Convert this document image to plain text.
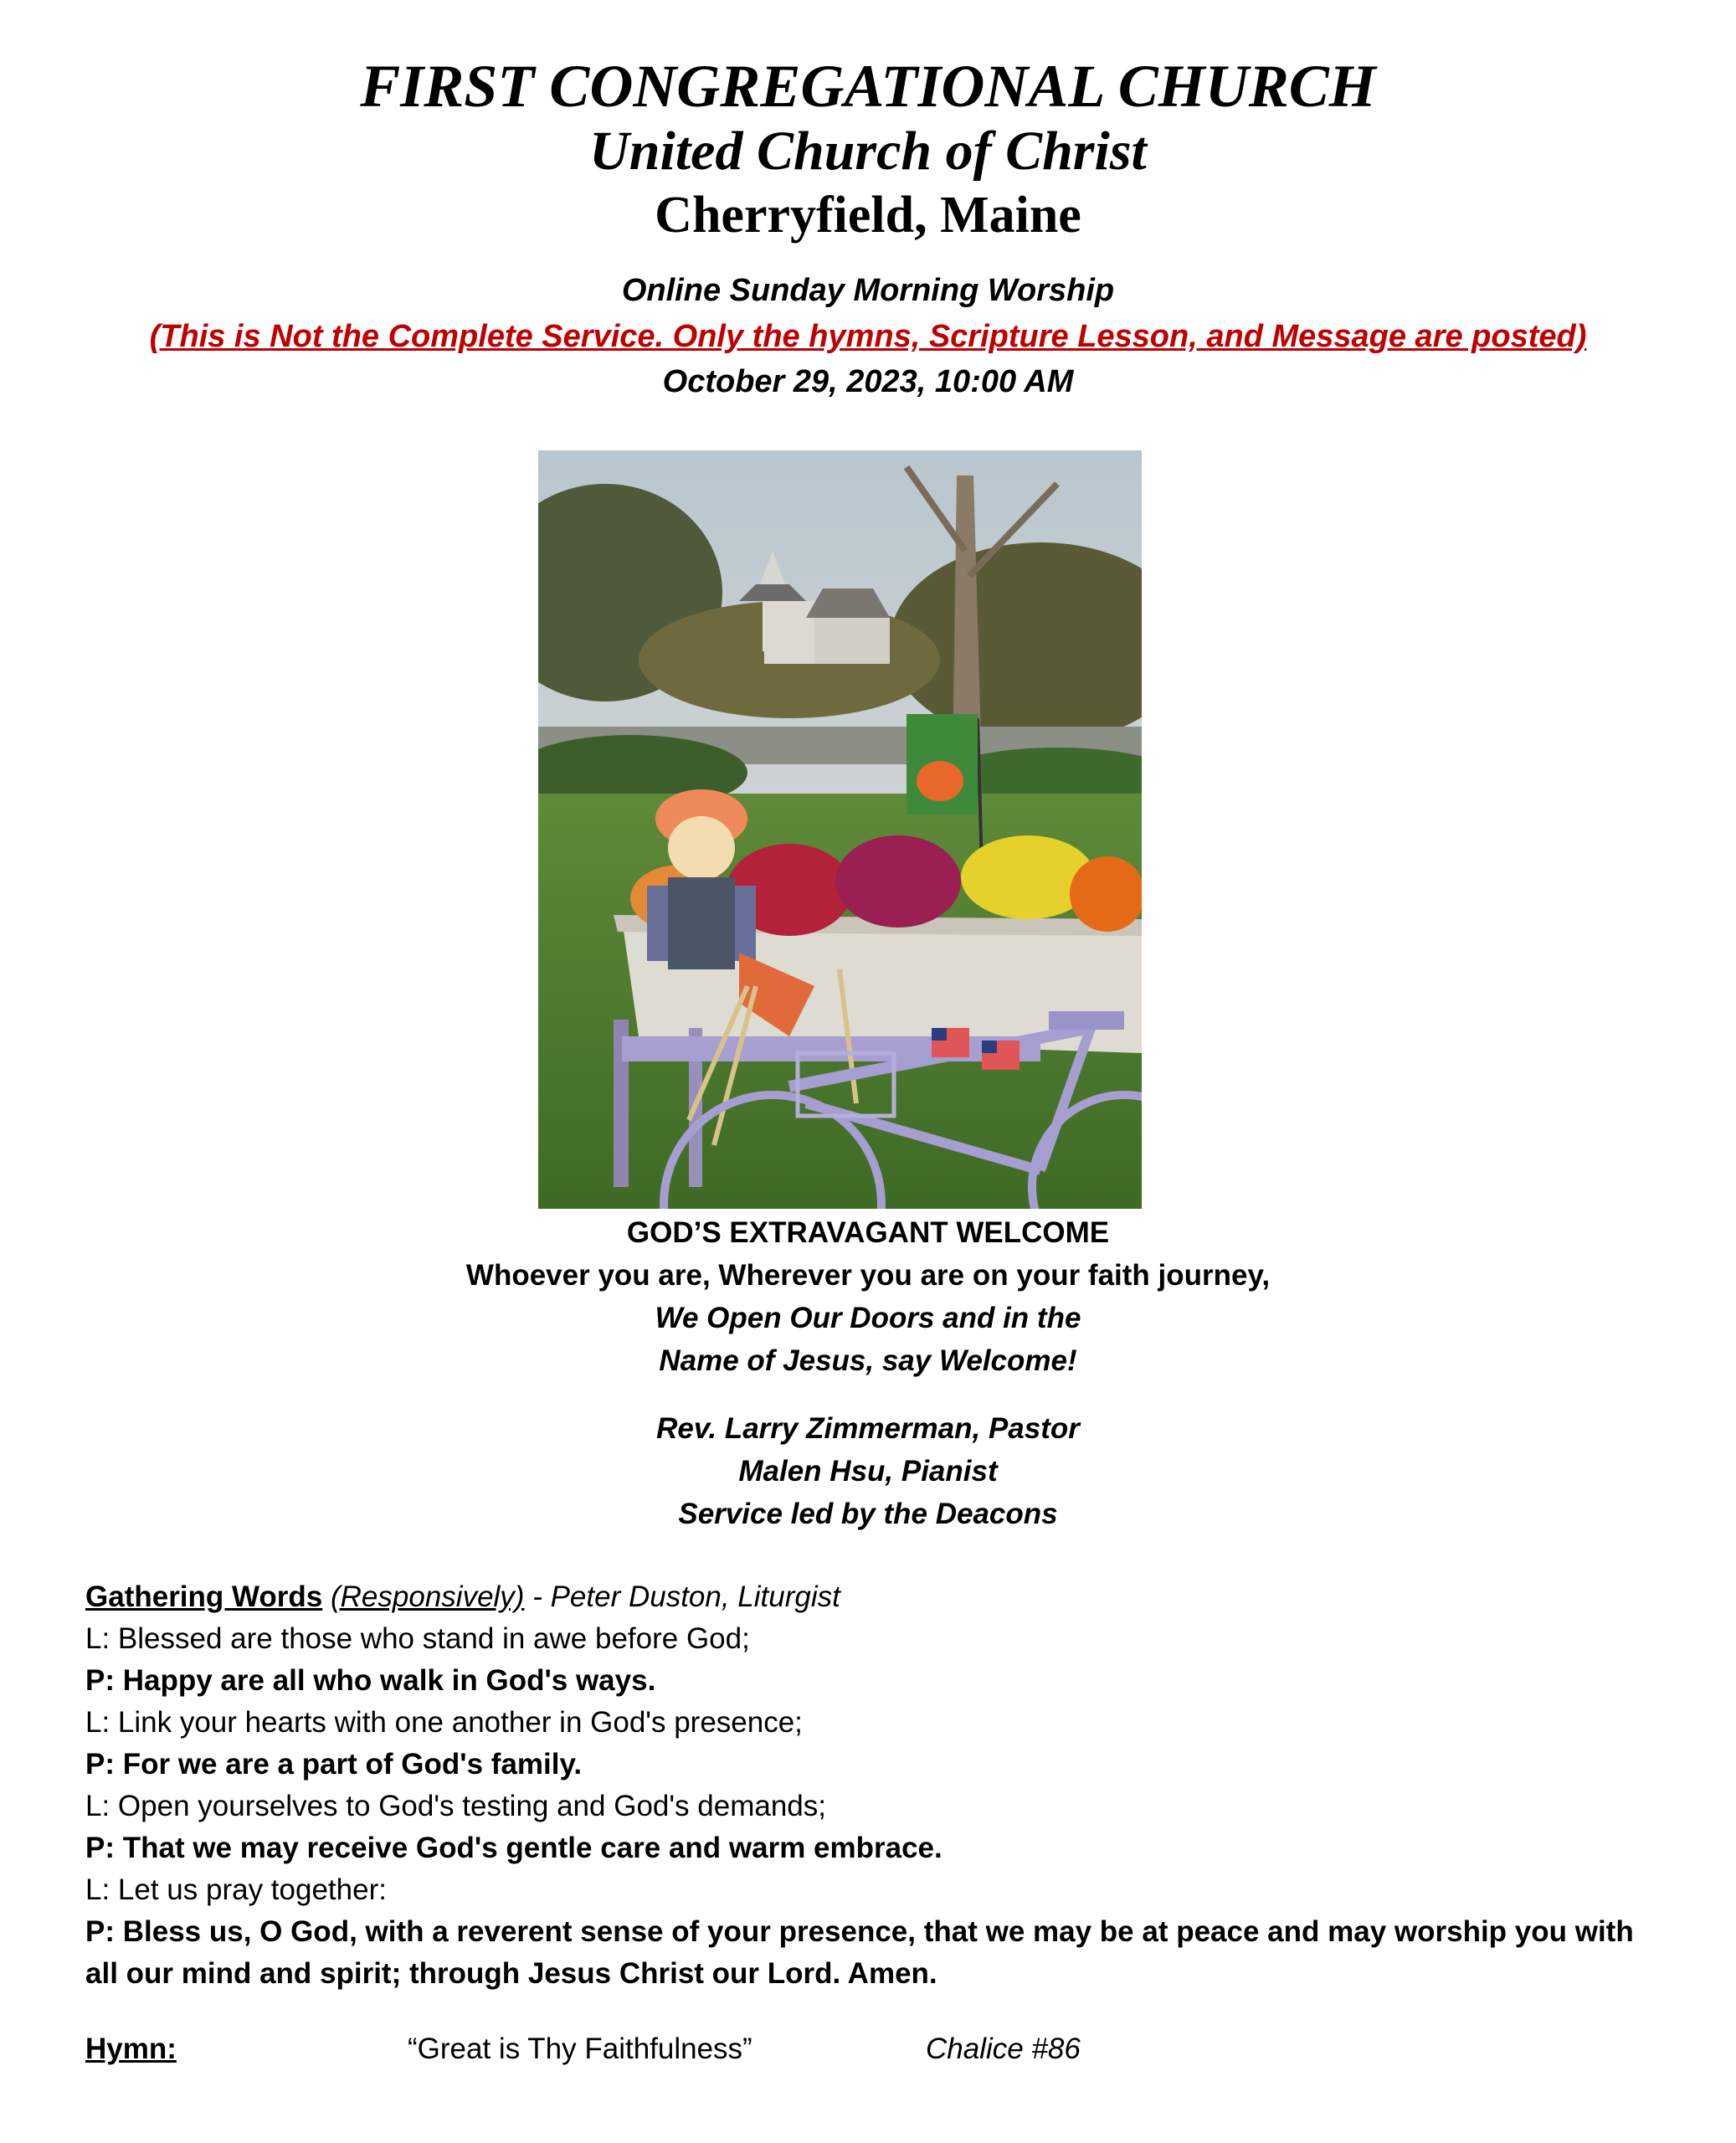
FIRST CONGREGATIONAL CHURCH
United Church of Christ
Cherryfield, Maine
Online Sunday Morning Worship
(This is Not the Complete Service. Only the hymns, Scripture Lesson, and Message are posted)
October 29, 2023, 10:00 AM
GOD’S EXTRAVAGANT WELCOME
Whoever you are, Wherever you are on your faith journey,
We Open Our Doors and in the
Name of Jesus, say Welcome!
Rev. Larry Zimmerman, Pastor
Malen Hsu, Pianist
Service led by the Deacons
Gathering Words (Responsively) - Peter Duston, Liturgist
L: Blessed are those who stand in awe before God;
P: Happy are all who walk in God's ways.
L: Link your hearts with one another in God's presence;
P: For we are a part of God's family.
L: Open yourselves to God's testing and God's demands;
P: That we may receive God's gentle care and warm embrace.
L: Let us pray together:
P: Bless us, O God, with a reverent sense of your presence, that we may be at peace and may worship you with all our mind and spirit; through Jesus Christ our Lord. Amen.
Hymn:	“Great is Thy Faithfulness”	Chalice #86
